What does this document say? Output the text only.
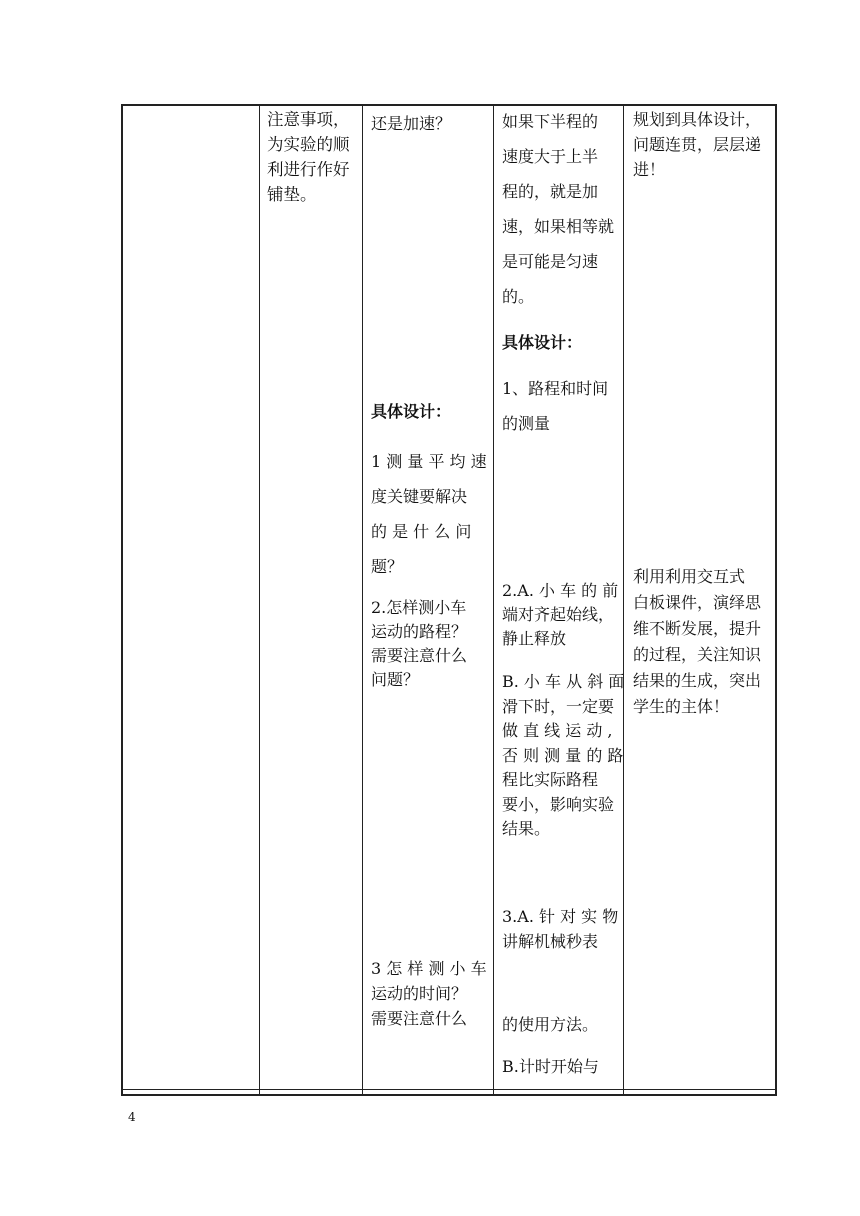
注意事项，
为实验的顺
利进行作好
铺垫。
还是加速？
具体设计：
1 测 量 平 均 速
度关键要解决
的 是 什 么 问
题？
2.怎样测小车
运动的路程？
需要注意什么
问题？
3 怎 样 测 小 车
运动的时间？
需要注意什么
如果下半程的
速度大于上半
程的，就是加
速，如果相等就
是可能是匀速
的。
具体设计：
1、路程和时间
的测量
2.A. 小 车 的 前
端对齐起始线，
静止释放
B. 小 车 从 斜 面
滑下时，一定要
做 直 线 运 动 ,
否 则 测 量 的 路
程比实际路程
要小，影响实验
结果。
3.A. 针 对 实 物
讲解机械秒表
的使用方法。
B.计时开始与
规划到具体设计，
问题连贯，层层递
进！
利用利用交互式
白板课件，演绎思
维不断发展，提升
的过程，关注知识
结果的生成，突出
学生的主体！
4
